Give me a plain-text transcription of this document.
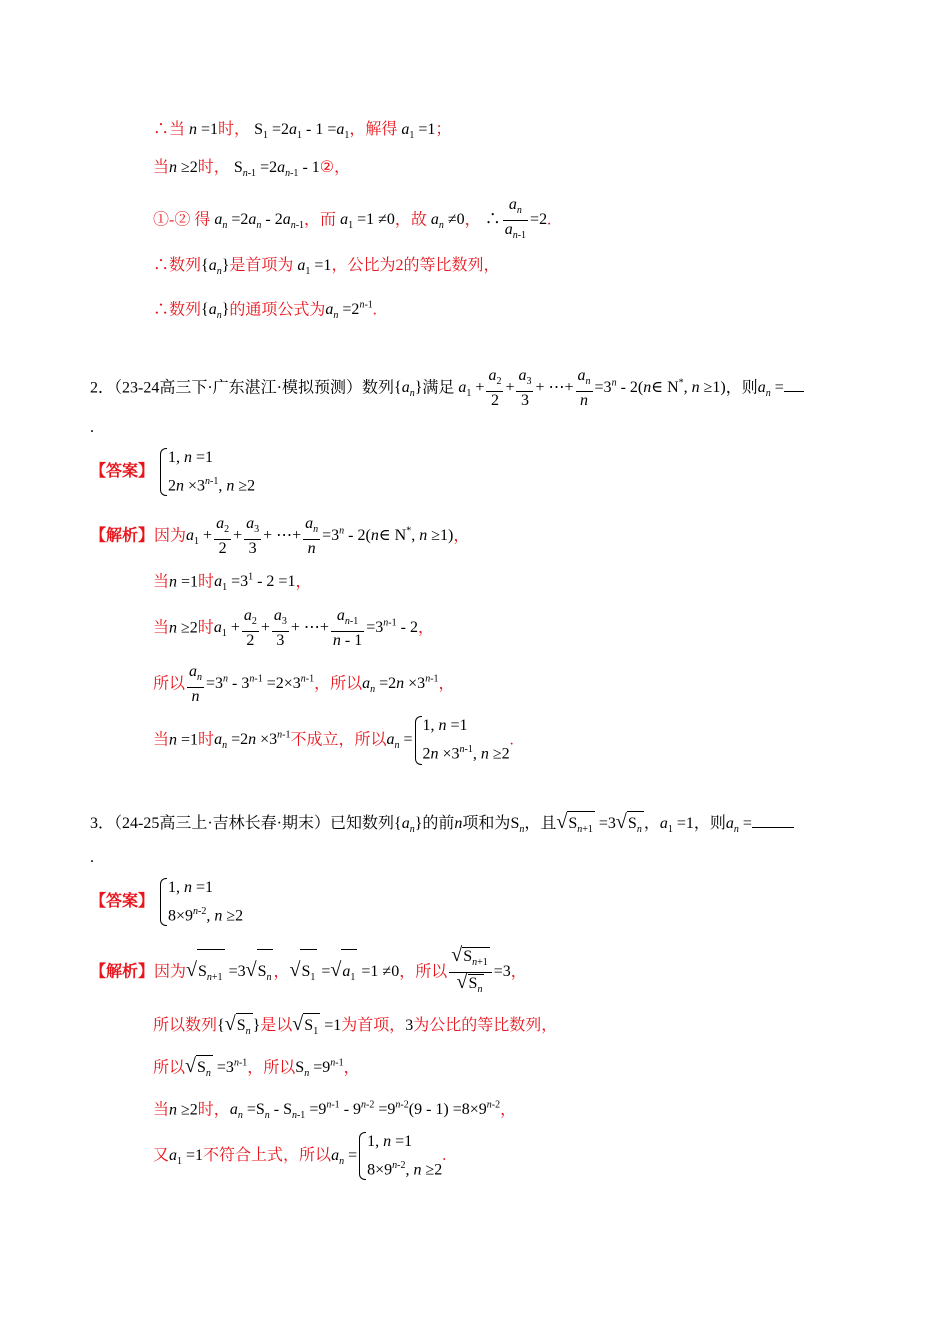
∴当 n =1时， $S_1 =2a_1 - 1 =a_1$，解得 $a_1 =1$；
当n ≥2时， $S_{n-1} =2a_{n-1}$ - 1②，
①-② 得 $a_n =2a_n - 2a_{n-1}$，而 $a_1 =1 \ne 0$，故 $a_n \ne 0$， ∴ $\frac{a_n}{a_{n-1}} =2$.
∴数列$\{a_n\}$是首项为 $a_1 =1$，公比为2的等比数列，
∴数列$\{a_n\}$的通项公式为$a_n =2^{n-1}$.
2．（23-24高三下·广东湛江·模拟预测）数列$\{a_n\}$满足 $a_1 + \frac{a_2}{2} + \frac{a_3}{3}$ + ⋯+ $\frac{a_n}{n} =3^n$ - 2(n∈ N*, n ≥1)，则$a_n$ =
.
【答案】
1, n =1
$2n \times 3^{n-1}$, n ≥2
【解析】因为$a_1 + \frac{a_2}{2} + \frac{a_3}{3}$ + ⋯+ $\frac{a_n}{n} =3^n$ - 2(n∈ N*, n ≥1)，
当n =1时$a_1 =3^1 - 2 =1$，
当n ≥2时$a_1 + \frac{a_2}{2} + \frac{a_3}{3}$ + ⋯+ $\frac{a_{n-1}}{n - 1} =3^{n-1} - 2$，
所以 $\frac{a_n}{n} =3^n - 3^{n-1} =2\times 3^{n-1}$，所以$a_n =2n \times 3^{n-1}$，
当n =1时$a_n =2n \times 3^{n-1}$不成立，所以$a_n$ =
1, n =1
$2n \times 3^{n-1}$, n ≥2
.
3．（24-25高三上·吉林长春·期末）已知数列$\{a_n\}$的前n项和为$S_n$，且$√S_{n+1} =3√S_n$ ，$a_1 =1$，则$a_n$ =
.
【答案】
1, n =1
$8\times 9^{n-2}$, n ≥2
【解析】因为$√S_{n+1} =3√S_n$ ，$√S_1 =√a_1 =1 \ne 0$，所以 $\frac{√S_{n+1}}{√S_n} =3$，
所以数列{$√S_n$ }是以$√S_1 =1$为首项，3为公比的等比数列，
所以$√S_n =3^{n-1}$，所以$S_n =9^{n-1}$，
当n ≥2时，$a_n =S_n - S_{n-1} =9^{n-1} - 9^{n-2} =9^{n-2}(9 - 1) =8\times 9^{n-2}$，
又$a_1 =1$不符合上式，所以$a_n$ =
1, n =1
$8\times 9^{n-2}$, n ≥2
.
